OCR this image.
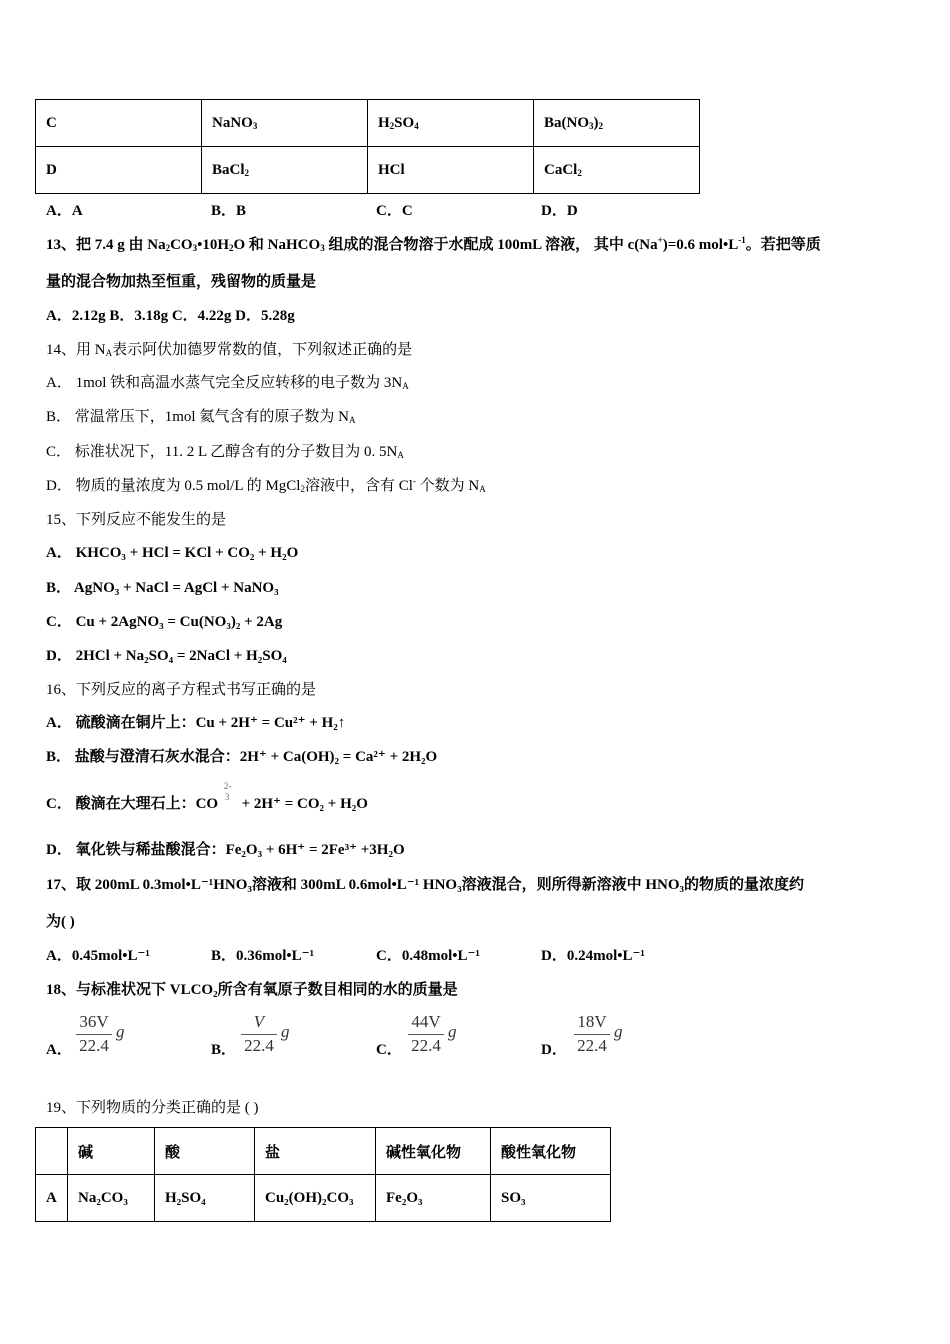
C	NaNO$_3$	$H_2SO_4$	$Ba(NO_3)_2$
D	BaCl$_2$	HCl	CaCl$_2$
A．A	B．B	C．C	D．D
13、把 7.4 g 由 $Na_2CO_3•10H_2O$ 和 NaHCO$_3$ 组成的混合物溶于水配成 100mL 溶液， 其中 c(Na+)=0.6 $mol•L^{-1}$。若把等质
量的混合物加热至恒重，残留物的质量是
A．2.12g B．3.18g C．4.22g D．5.28g
14、用 $N_A$表示阿伏加德罗常数的值，下列叙述正确的是
A． 1mol 铁和高温水蒸气完全反应转移的电子数为 $3N_A$
B． 常温常压下，1mol 氦气含有的原子数为 $N_A$
C． 标准状况下，11. 2 L 乙醇含有的分子数目为 0. $5N_A$
D． 物质的量浓度为 0.5 mol/L 的 MgCl$_2$溶液中，含有 Cl- 个数为 $N_A$
15、下列反应不能发生的是
A． KHCO₃ + HCl = KCl + CO₂ + H₂O
B． AgNO₃ + NaCl = AgCl + NaNO₃
C． Cu + 2AgNO₃ = Cu(NO₃)₂ + 2Ag
D． 2HCl + Na₂SO₄ = 2NaCl + H₂SO₄
16、下列反应的离子方程式书写正确的是
A． 硫酸滴在铜片上：Cu + 2H⁺ = Cu²⁺ + H₂↑
B． 盐酸与澄清石灰水混合：2H⁺ + Ca(OH)₂ = Ca²⁺ + 2H₂O
C． 酸滴在大理石上：CO
2-
3 + 2H⁺ = CO₂ + H₂O
D． 氧化铁与稀盐酸混合：Fe₂O₃ + 6H⁺ = 2Fe³⁺ +3H₂O
17、取 200mL 0.3mol•L⁻¹HNO₃溶液和 300mL 0.6mol•L⁻¹ HNO₃溶液混合，则所得新溶液中 HNO₃的物质的量浓度约
为( )
A．0.45mol•L⁻¹	B．0.36mol•L⁻¹	C．0.48mol•L⁻¹	D．0.24mol•L⁻¹
18、与标准状况下 VLCO₂所含有氧原子数目相同的水的质量是
A．
36V
22.4
g
B．
V
22.4
g
C．
44V
22.4
g
D．
18V
22.4
g
19、下列物质的分类正确的是 ( )
	碱	酸	盐	碱性氧化物	酸性氧化物
A	Na₂CO₃	H₂SO₄	Cu₂(OH)₂CO₃	Fe₂O₃	SO₃
